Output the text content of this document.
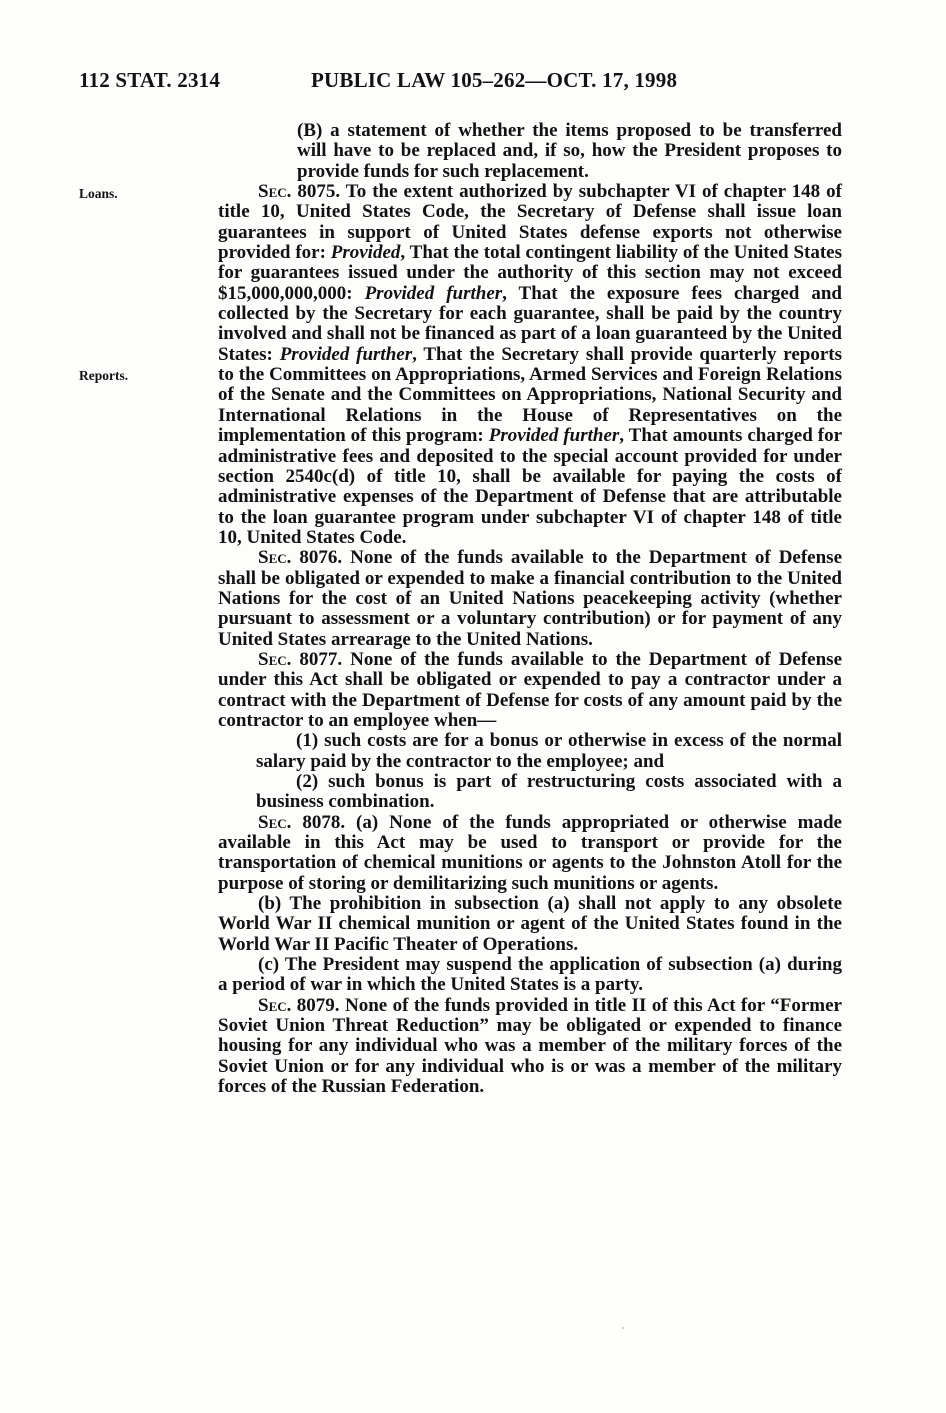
112 STAT. 2314	PUBLIC LAW 105–262—OCT. 17, 1998
Loans.
Reports.

(B) a statement of whether the items proposed to be transferred will have to be replaced and, if so, how the President proposes to provide funds for such replacement.

Sec. 8075. To the extent authorized by subchapter VI of chapter 148 of title 10, United States Code, the Secretary of Defense shall issue loan guarantees in support of United States defense exports not otherwise provided for: Provided, That the total contingent liability of the United States for guarantees issued under the authority of this section may not exceed $15,000,000,000: Provided further, That the exposure fees charged and collected by the Secretary for each guarantee, shall be paid by the country involved and shall not be financed as part of a loan guaranteed by the United States: Provided further, That the Secretary shall provide quarterly reports to the Committees on Appropriations, Armed Services and Foreign Relations of the Senate and the Committees on Appropriations, National Security and International Relations in the House of Representatives on the implementation of this program: Provided further, That amounts charged for administrative fees and deposited to the special account provided for under section 2540c(d) of title 10, shall be available for paying the costs of administrative expenses of the Department of Defense that are attributable to the loan guarantee program under subchapter VI of chapter 148 of title 10, United States Code.

Sec. 8076. None of the funds available to the Department of Defense shall be obligated or expended to make a financial contribution to the United Nations for the cost of an United Nations peacekeeping activity (whether pursuant to assessment or a voluntary contribution) or for payment of any United States arrearage to the United Nations.

Sec. 8077. None of the funds available to the Department of Defense under this Act shall be obligated or expended to pay a contractor under a contract with the Department of Defense for costs of any amount paid by the contractor to an employee when—

(1) such costs are for a bonus or otherwise in excess of the normal salary paid by the contractor to the employee; and

(2) such bonus is part of restructuring costs associated with a business combination.

Sec. 8078. (a) None of the funds appropriated or otherwise made available in this Act may be used to transport or provide for the transportation of chemical munitions or agents to the Johnston Atoll for the purpose of storing or demilitarizing such munitions or agents.

(b) The prohibition in subsection (a) shall not apply to any obsolete World War II chemical munition or agent of the United States found in the World War II Pacific Theater of Operations.

(c) The President may suspend the application of subsection (a) during a period of war in which the United States is a party.

Sec. 8079. None of the funds provided in title II of this Act for “Former Soviet Union Threat Reduction” may be obligated or expended to finance housing for any individual who was a member of the military forces of the Soviet Union or for any individual who is or was a member of the military forces of the Russian Federation.
